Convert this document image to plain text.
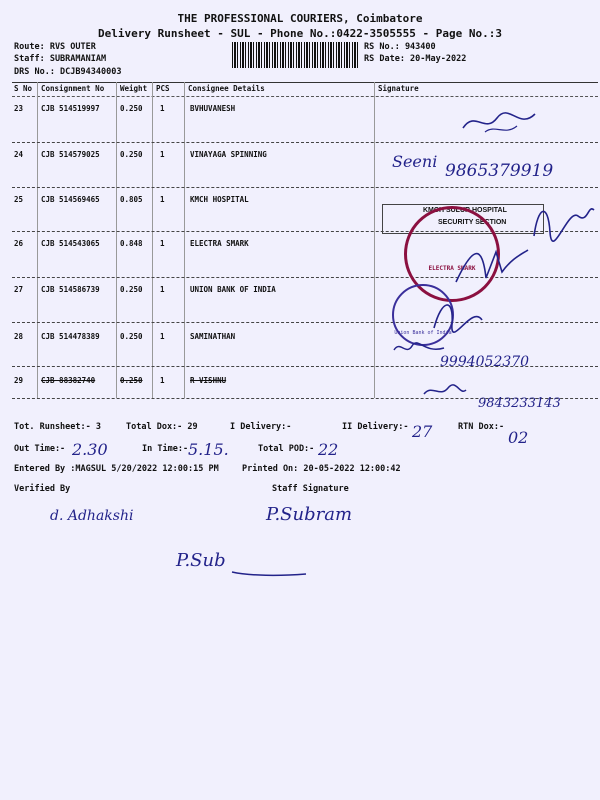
THE PROFESSIONAL COURIERS, Coimbatore
Delivery Runsheet - SUL - Phone No.:0422-3505555 - Page No.:3
Route: RVS OUTER
Staff: SUBRAMANIAM
DRS No.: DCJB94340003
RS No.: 943400
RS Date: 20-May-2022
S No Consignment No Weight PCS Consignee Details	Signature
23 CJB 514519997	0.250 1	BVHUVANESH
24 CJB 514579025	0.250 1	VINAYAGA SPINNING
25 CJB 514569465	0.805 1	KMCH HOSPITAL
26 CJB 514543065	0.848 1	ELECTRA SMARK
27 CJB 514586739	0.250 1	UNION BANK OF INDIA
28 CJB 514478389	0.250 1	SAMINATHAN
29 CJB 88382740	0.250 1	R VISHNU
Seeni 9865379919
KMCH SULUR HOSPITAL
SECURITY SECTION
ELECTRA SMARK
Union Bank of India
9994052370
9843233143
Tot. Runsheet:- 3	Total Dox:- 29	I Delivery:-	II Delivery:- 27	RTN Dox:-
02
Out Time:- 2.30	In Time:- 5.15.	Total POD:- 22
Entered By :MAGSUL 5/20/2022 12:00:15 PM	Printed On: 20-05-2022 12:00:42
Verified By	Staff Signature
d. Adhakshi	P.Subram
P.Sub
